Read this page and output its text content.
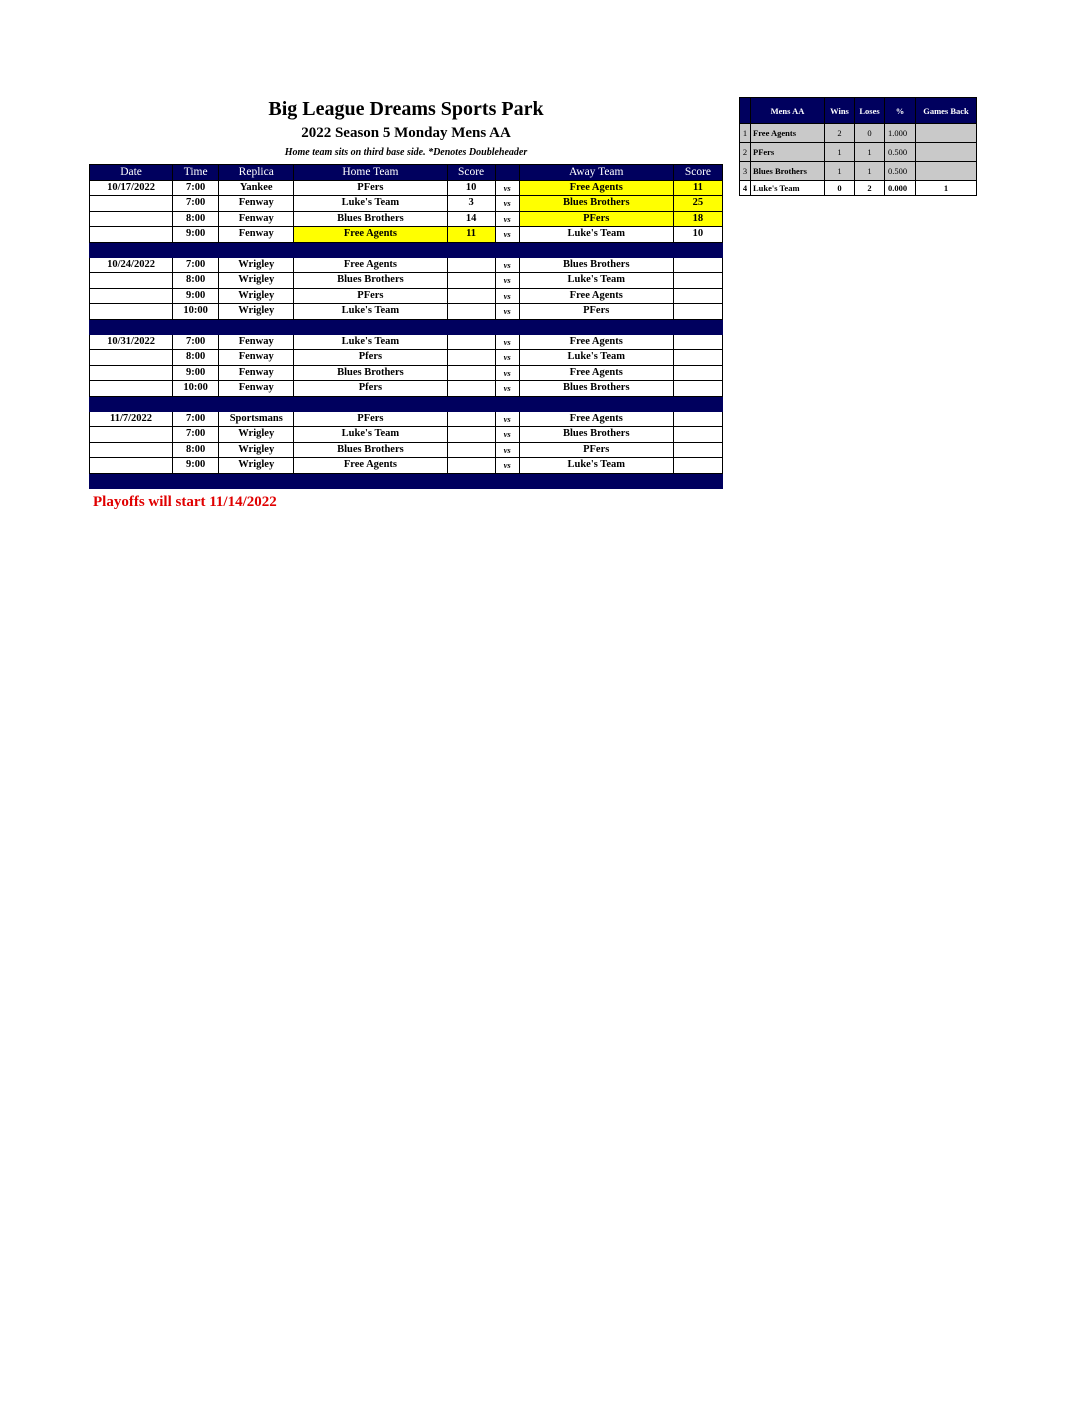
Big League Dreams Sports Park
2022 Season 5 Monday Mens AA
Home team sits on third base side. *Denotes Doubleheader
Date	Time	Replica	Home Team	Score		Away Team	Score
10/17/2022	7:00	Yankee	PFers	10	vs	Free Agents	11
	7:00	Fenway	Luke's Team	3	vs	Blues Brothers	25
	8:00	Fenway	Blues Brothers	14	vs	PFers	18
	9:00	Fenway	Free Agents	11	vs	Luke's Team	10

10/24/2022	7:00	Wrigley	Free Agents		vs	Blues Brothers	
	8:00	Wrigley	Blues Brothers		vs	Luke's Team	
	9:00	Wrigley	PFers		vs	Free Agents	
	10:00	Wrigley	Luke's Team		vs	PFers	

10/31/2022	7:00	Fenway	Luke's Team		vs	Free Agents	
	8:00	Fenway	Pfers		vs	Luke's Team	
	9:00	Fenway	Blues Brothers		vs	Free Agents	
	10:00	Fenway	Pfers		vs	Blues Brothers	

11/7/2022	7:00	Sportsmans	PFers		vs	Free Agents	
	7:00	Wrigley	Luke's Team		vs	Blues Brothers	
	8:00	Wrigley	Blues Brothers		vs	PFers	
	9:00	Wrigley	Free Agents		vs	Luke's Team	

	Mens AA	Wins	Loses	%	Games Back
1	Free Agents	2	0	1.000	
2	PFers	1	1	0.500	
3	Blues Brothers	1	1	0.500	
4	Luke's Team	0	2	0.000	1
Playoffs will start 11/14/2022
